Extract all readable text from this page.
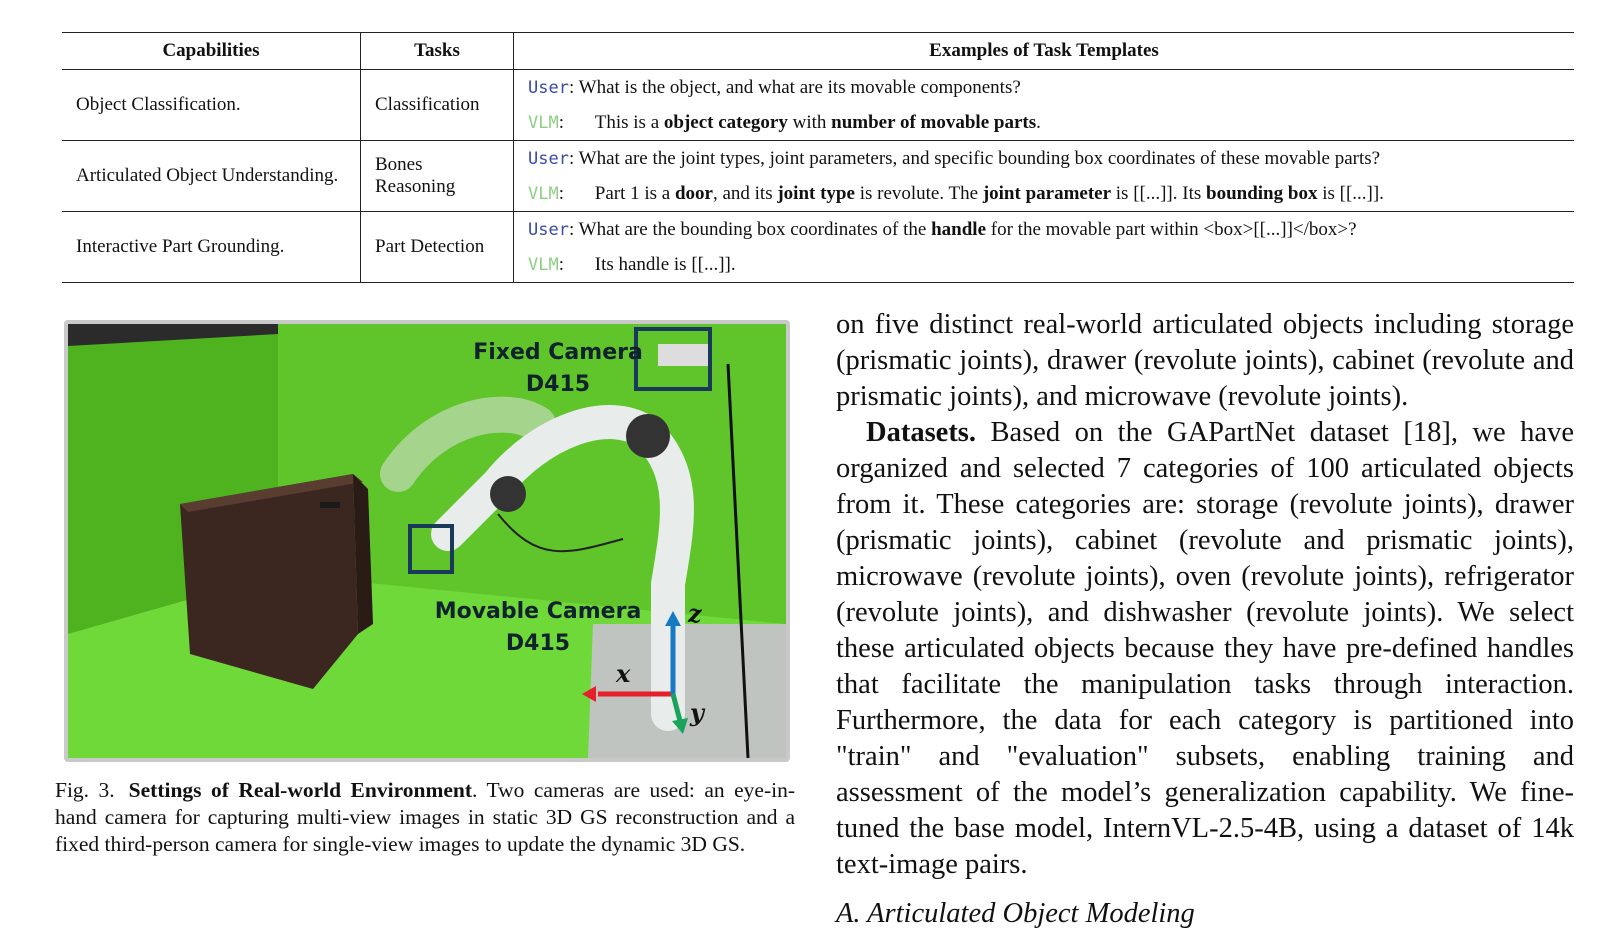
Capabilities	Tasks	Examples of Task Templates
Object Classification.	Classification	User: What is the object, and what are its movable components?
VLM: This is a object category with number of movable parts.

Articulated Object Understanding.	Bones Reasoning	User: What are the joint types, joint parameters, and specific bounding box coordinates of these movable parts?
VLM: Part 1 is a door, and its joint type is revolute. The joint parameter is [[...]]. Its bounding box is [[...]].

Interactive Part Grounding.	Part Detection	User: What are the bounding box coordinates of the handle for the movable part within <box>[[...]]</box>?
VLM: Its handle is [[...]].
Fixed Camera
D415
Movable Camera
D415
x
y
z
Fig. 3. Settings of Real-world Environment. Two cameras are used: an eye-in-hand camera for capturing multi-view images in static 3D GS reconstruction and a fixed third-person camera for single-view images to update the dynamic 3D GS.

on five distinct real-world articulated objects including storage (prismatic joints), drawer (revolute joints), cabinet (revolute and prismatic joints), and microwave (revolute joints).

Datasets. Based on the GAPartNet dataset [18], we have organized and selected 7 categories of 100 articulated objects from it. These categories are: storage (revolute joints), drawer (prismatic joints), cabinet (revolute and prismatic joints), microwave (revolute joints), oven (revolute joints), refrigerator (revolute joints), and dishwasher (revolute joints). We select these articulated objects because they have pre-defined handles that facilitate the manipulation tasks through interaction. Furthermore, the data for each category is partitioned into "train" and "evaluation" subsets, enabling training and assessment of the model’s generalization capability. We fine-tuned the base model, InternVL-2.5-4B, using a dataset of 14k text-image pairs.

A. Articulated Object Modeling
